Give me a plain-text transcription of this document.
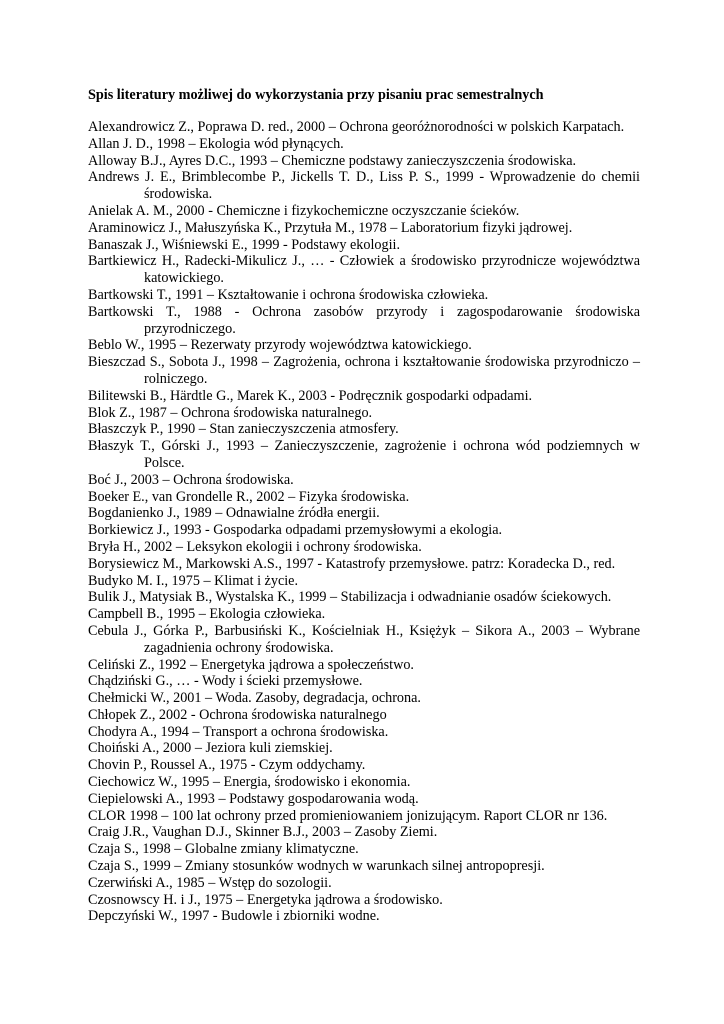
Spis literatury możliwej do wykorzystania przy pisaniu prac semestralnych
Alexandrowicz Z., Poprawa D. red., 2000 – Ochrona georóżnorodności w polskich Karpatach.
Allan J. D., 1998 – Ekologia wód płynących.
Alloway B.J., Ayres D.C., 1993 – Chemiczne podstawy zanieczyszczenia środowiska.
Andrews J. E., Brimblecombe P., Jickells T. D., Liss P. S., 1999 - Wprowadzenie do chemii środowiska.
Anielak A. M., 2000 - Chemiczne i fizykochemiczne oczyszczanie ścieków.
Araminowicz J., Małuszyńska K., Przytuła M., 1978 – Laboratorium fizyki jądrowej.
Banaszak J., Wiśniewski E., 1999 - Podstawy ekologii.
Bartkiewicz H., Radecki-Mikulicz J., … - Człowiek a środowisko przyrodnicze województwa katowickiego.
Bartkowski T., 1991 – Kształtowanie i ochrona środowiska człowieka.
Bartkowski T., 1988 - Ochrona zasobów przyrody i zagospodarowanie środowiska przyrodniczego.
Beblo W., 1995 – Rezerwaty przyrody województwa katowickiego.
Bieszczad S., Sobota J., 1998 – Zagrożenia, ochrona i kształtowanie środowiska przyrodniczo – rolniczego.
Bilitewski B., Härdtle G., Marek K., 2003 - Podręcznik gospodarki odpadami.
Blok Z., 1987 – Ochrona środowiska naturalnego.
Błaszczyk P., 1990 – Stan zanieczyszczenia atmosfery.
Błaszyk T., Górski J., 1993 – Zanieczyszczenie, zagrożenie i ochrona wód podziemnych w Polsce.
Boć J., 2003 – Ochrona środowiska.
Boeker E., van Grondelle R., 2002 – Fizyka środowiska.
Bogdanienko J., 1989 – Odnawialne źródła energii.
Borkiewicz J., 1993 - Gospodarka odpadami przemysłowymi a ekologia.
Bryła H., 2002 – Leksykon ekologii i ochrony środowiska.
Borysiewicz M., Markowski A.S., 1997 - Katastrofy przemysłowe. patrz: Koradecka D., red.
Budyko M. I., 1975 – Klimat i życie.
Bulik J., Matysiak B., Wystalska K., 1999 – Stabilizacja i odwadnianie osadów ściekowych.
Campbell B., 1995 – Ekologia człowieka.
Cebula J., Górka P., Barbusiński K., Kościelniak H., Księżyk – Sikora A., 2003 – Wybrane zagadnienia ochrony środowiska.
Celiński Z., 1992 – Energetyka jądrowa a społeczeństwo.
Chądziński G., … - Wody i ścieki przemysłowe.
Chełmicki W., 2001 – Woda. Zasoby, degradacja, ochrona.
Chłopek Z., 2002 - Ochrona środowiska naturalnego
Chodyra A., 1994 – Transport a ochrona środowiska.
Choiński A., 2000 – Jeziora kuli ziemskiej.
Chovin P., Roussel A., 1975 - Czym oddychamy.
Ciechowicz W., 1995 – Energia, środowisko i ekonomia.
Ciepielowski A., 1993 – Podstawy gospodarowania wodą.
CLOR 1998 – 100 lat ochrony przed promieniowaniem jonizującym. Raport CLOR nr 136.
Craig J.R., Vaughan D.J., Skinner B.J., 2003 – Zasoby Ziemi.
Czaja S., 1998 – Globalne zmiany klimatyczne.
Czaja S., 1999 – Zmiany stosunków wodnych w warunkach silnej antropopresji.
Czerwiński A., 1985 – Wstęp do sozologii.
Czosnowscy H. i J., 1975 – Energetyka jądrowa a środowisko.
Depczyński W., 1997 - Budowle i zbiorniki wodne.
